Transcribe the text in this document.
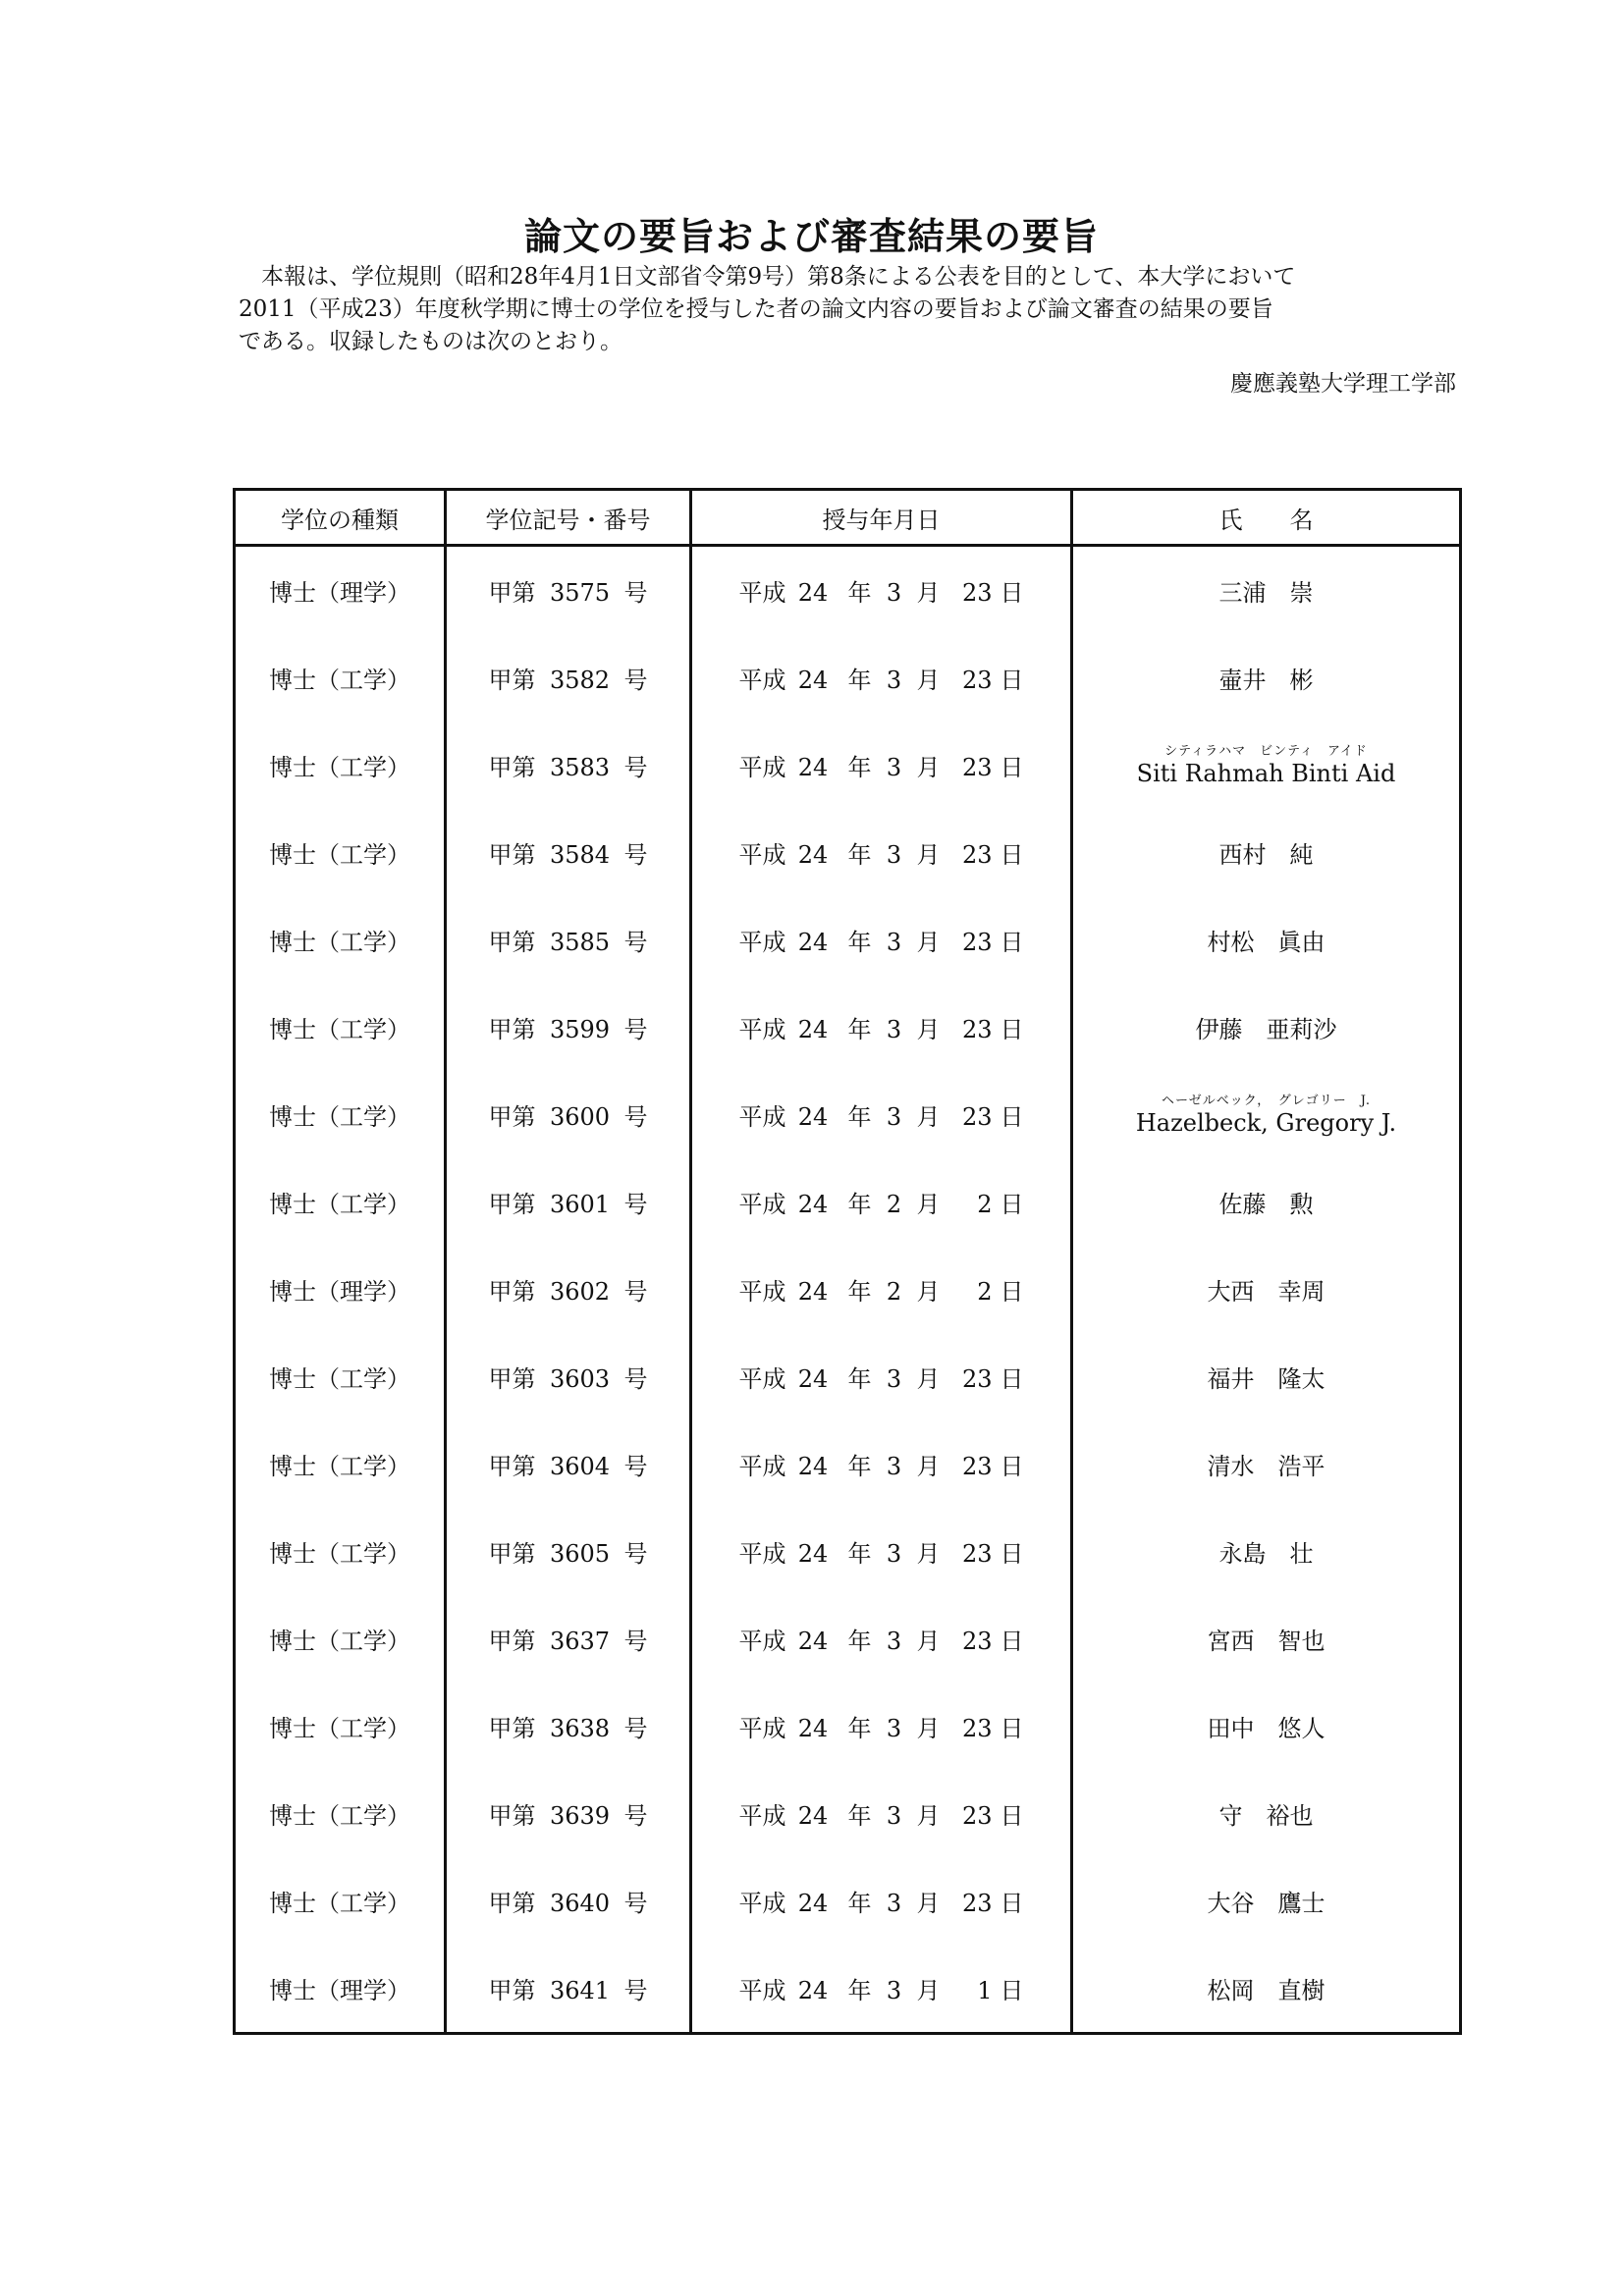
論文の要旨および審査結果の要旨
本報は、学位規則（昭和28年4月1日文部省令第9号）第8条による公表を目的として、本大学において
2011（平成23）年度秋学期に博士の学位を授与した者の論文内容の要旨および論文審査の結果の要旨
である。収録したものは次のとおり。
慶應義塾大学理工学部
学位の種類	学位記号・番号	授与年月日	氏　　名
博士（理学）	甲第 3575 号	平成 24 年 3 月 23 日	三浦　崇
博士（工学）	甲第 3582 号	平成 24 年 3 月 23 日	壷井　彬
博士（工学）	甲第 3583 号	平成 24 年 3 月 23 日	シティラハマ　ビンティ　アイド
Siti Rahmah Binti Aid

博士（工学）	甲第 3584 号	平成 24 年 3 月 23 日	西村　純
博士（工学）	甲第 3585 号	平成 24 年 3 月 23 日	村松　眞由
博士（工学）	甲第 3599 号	平成 24 年 3 月 23 日	伊藤　亜莉沙
博士（工学）	甲第 3600 号	平成 24 年 3 月 23 日	ヘーゼルベック，　グレゴリー　J.
Hazelbeck, Gregory J.

博士（工学）	甲第 3601 号	平成 24 年 2 月 2 日	佐藤　勲
博士（理学）	甲第 3602 号	平成 24 年 2 月 2 日	大西　幸周
博士（工学）	甲第 3603 号	平成 24 年 3 月 23 日	福井　隆太
博士（工学）	甲第 3604 号	平成 24 年 3 月 23 日	清水　浩平
博士（工学）	甲第 3605 号	平成 24 年 3 月 23 日	永島　壮
博士（工学）	甲第 3637 号	平成 24 年 3 月 23 日	宮西　智也
博士（工学）	甲第 3638 号	平成 24 年 3 月 23 日	田中　悠人
博士（工学）	甲第 3639 号	平成 24 年 3 月 23 日	守　裕也
博士（工学）	甲第 3640 号	平成 24 年 3 月 23 日	大谷　鷹士
博士（理学）	甲第 3641 号	平成 24 年 3 月 1 日	松岡　直樹
